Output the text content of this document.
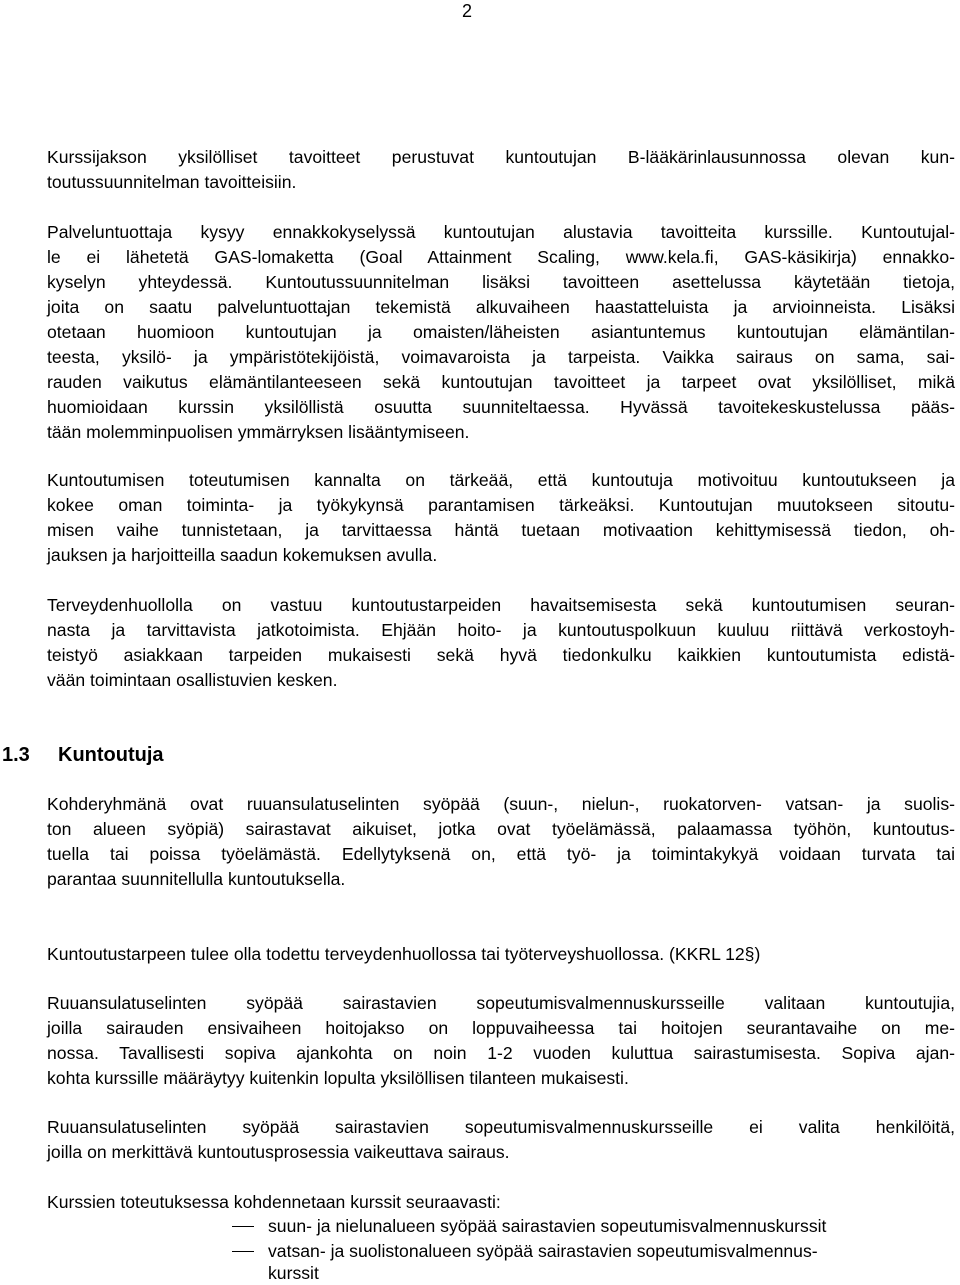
2
Kurssijakson yksilölliset tavoitteet perustuvat kuntoutujan B-lääkärinlausunnossa olevan kun-
toutussuunnitelman tavoitteisiin.
Palveluntuottaja kysyy ennakkokyselyssä kuntoutujan alustavia tavoitteita kurssille. Kuntoutujal-
le ei lähetetä GAS-lomaketta (Goal Attainment Scaling, www.kela.fi, GAS-käsikirja) ennakko-
kyselyn yhteydessä. Kuntoutussuunnitelman lisäksi tavoitteen asettelussa käytetään tietoja,
joita on saatu palveluntuottajan tekemistä alkuvaiheen haastatteluista ja arvioinneista. Lisäksi
otetaan huomioon kuntoutujan ja omaisten/läheisten asiantuntemus kuntoutujan elämäntilan-
teesta, yksilö- ja ympäristötekijöistä, voimavaroista ja tarpeista. Vaikka sairaus on sama, sai-
rauden vaikutus elämäntilanteeseen sekä kuntoutujan tavoitteet ja tarpeet ovat yksilölliset, mikä
huomioidaan kurssin yksilöllistä osuutta suunniteltaessa. Hyvässä tavoitekeskustelussa pääs-
tään molemminpuolisen ymmärryksen lisääntymiseen.
Kuntoutumisen toteutumisen kannalta on tärkeää, että kuntoutuja motivoituu kuntoutukseen ja
kokee oman toiminta- ja työkykynsä parantamisen tärkeäksi. Kuntoutujan muutokseen sitoutu-
misen vaihe tunnistetaan, ja tarvittaessa häntä tuetaan motivaation kehittymisessä tiedon, oh-
jauksen ja harjoitteilla saadun kokemuksen avulla.
Terveydenhuollolla on vastuu kuntoutustarpeiden havaitsemisesta sekä kuntoutumisen seuran-
nasta ja tarvittavista jatkotoimista. Ehjään hoito- ja kuntoutuspolkuun kuuluu riittävä verkostoyh-
teistyö asiakkaan tarpeiden mukaisesti sekä hyvä tiedonkulku kaikkien kuntoutumista edistä-
vään toimintaan osallistuvien kesken.
1.3 Kuntoutuja
Kohderyhmänä ovat ruuansulatuselinten syöpää (suun-, nielun-, ruokatorven- vatsan- ja suolis-
ton alueen syöpiä) sairastavat aikuiset, jotka ovat työelämässä, palaamassa työhön, kuntoutus-
tuella tai poissa työelämästä. Edellytyksenä on, että työ- ja toimintakykyä voidaan turvata tai
parantaa suunnitellulla kuntoutuksella.
Kuntoutustarpeen tulee olla todettu terveydenhuollossa tai työterveyshuollossa. (KKRL 12§)
Ruuansulatuselinten syöpää sairastavien sopeutumisvalmennuskursseille valitaan kuntoutujia,
joilla sairauden ensivaiheen hoitojakso on loppuvaiheessa tai hoitojen seurantavaihe on me-
nossa. Tavallisesti sopiva ajankohta on noin 1-2 vuoden kuluttua sairastumisesta. Sopiva ajan-
kohta kurssille määräytyy kuitenkin lopulta yksilöllisen tilanteen mukaisesti.
Ruuansulatuselinten syöpää sairastavien sopeutumisvalmennuskursseille ei valita henkilöitä,
joilla on merkittävä kuntoutusprosessia vaikeuttava sairaus.
Kurssien toteutuksessa kohdennetaan kurssit seuraavasti:
suun- ja nielunalueen syöpää sairastavien sopeutumisvalmennuskurssit
vatsan- ja suolistonalueen syöpää sairastavien sopeutumisvalmennus-
kurssit
